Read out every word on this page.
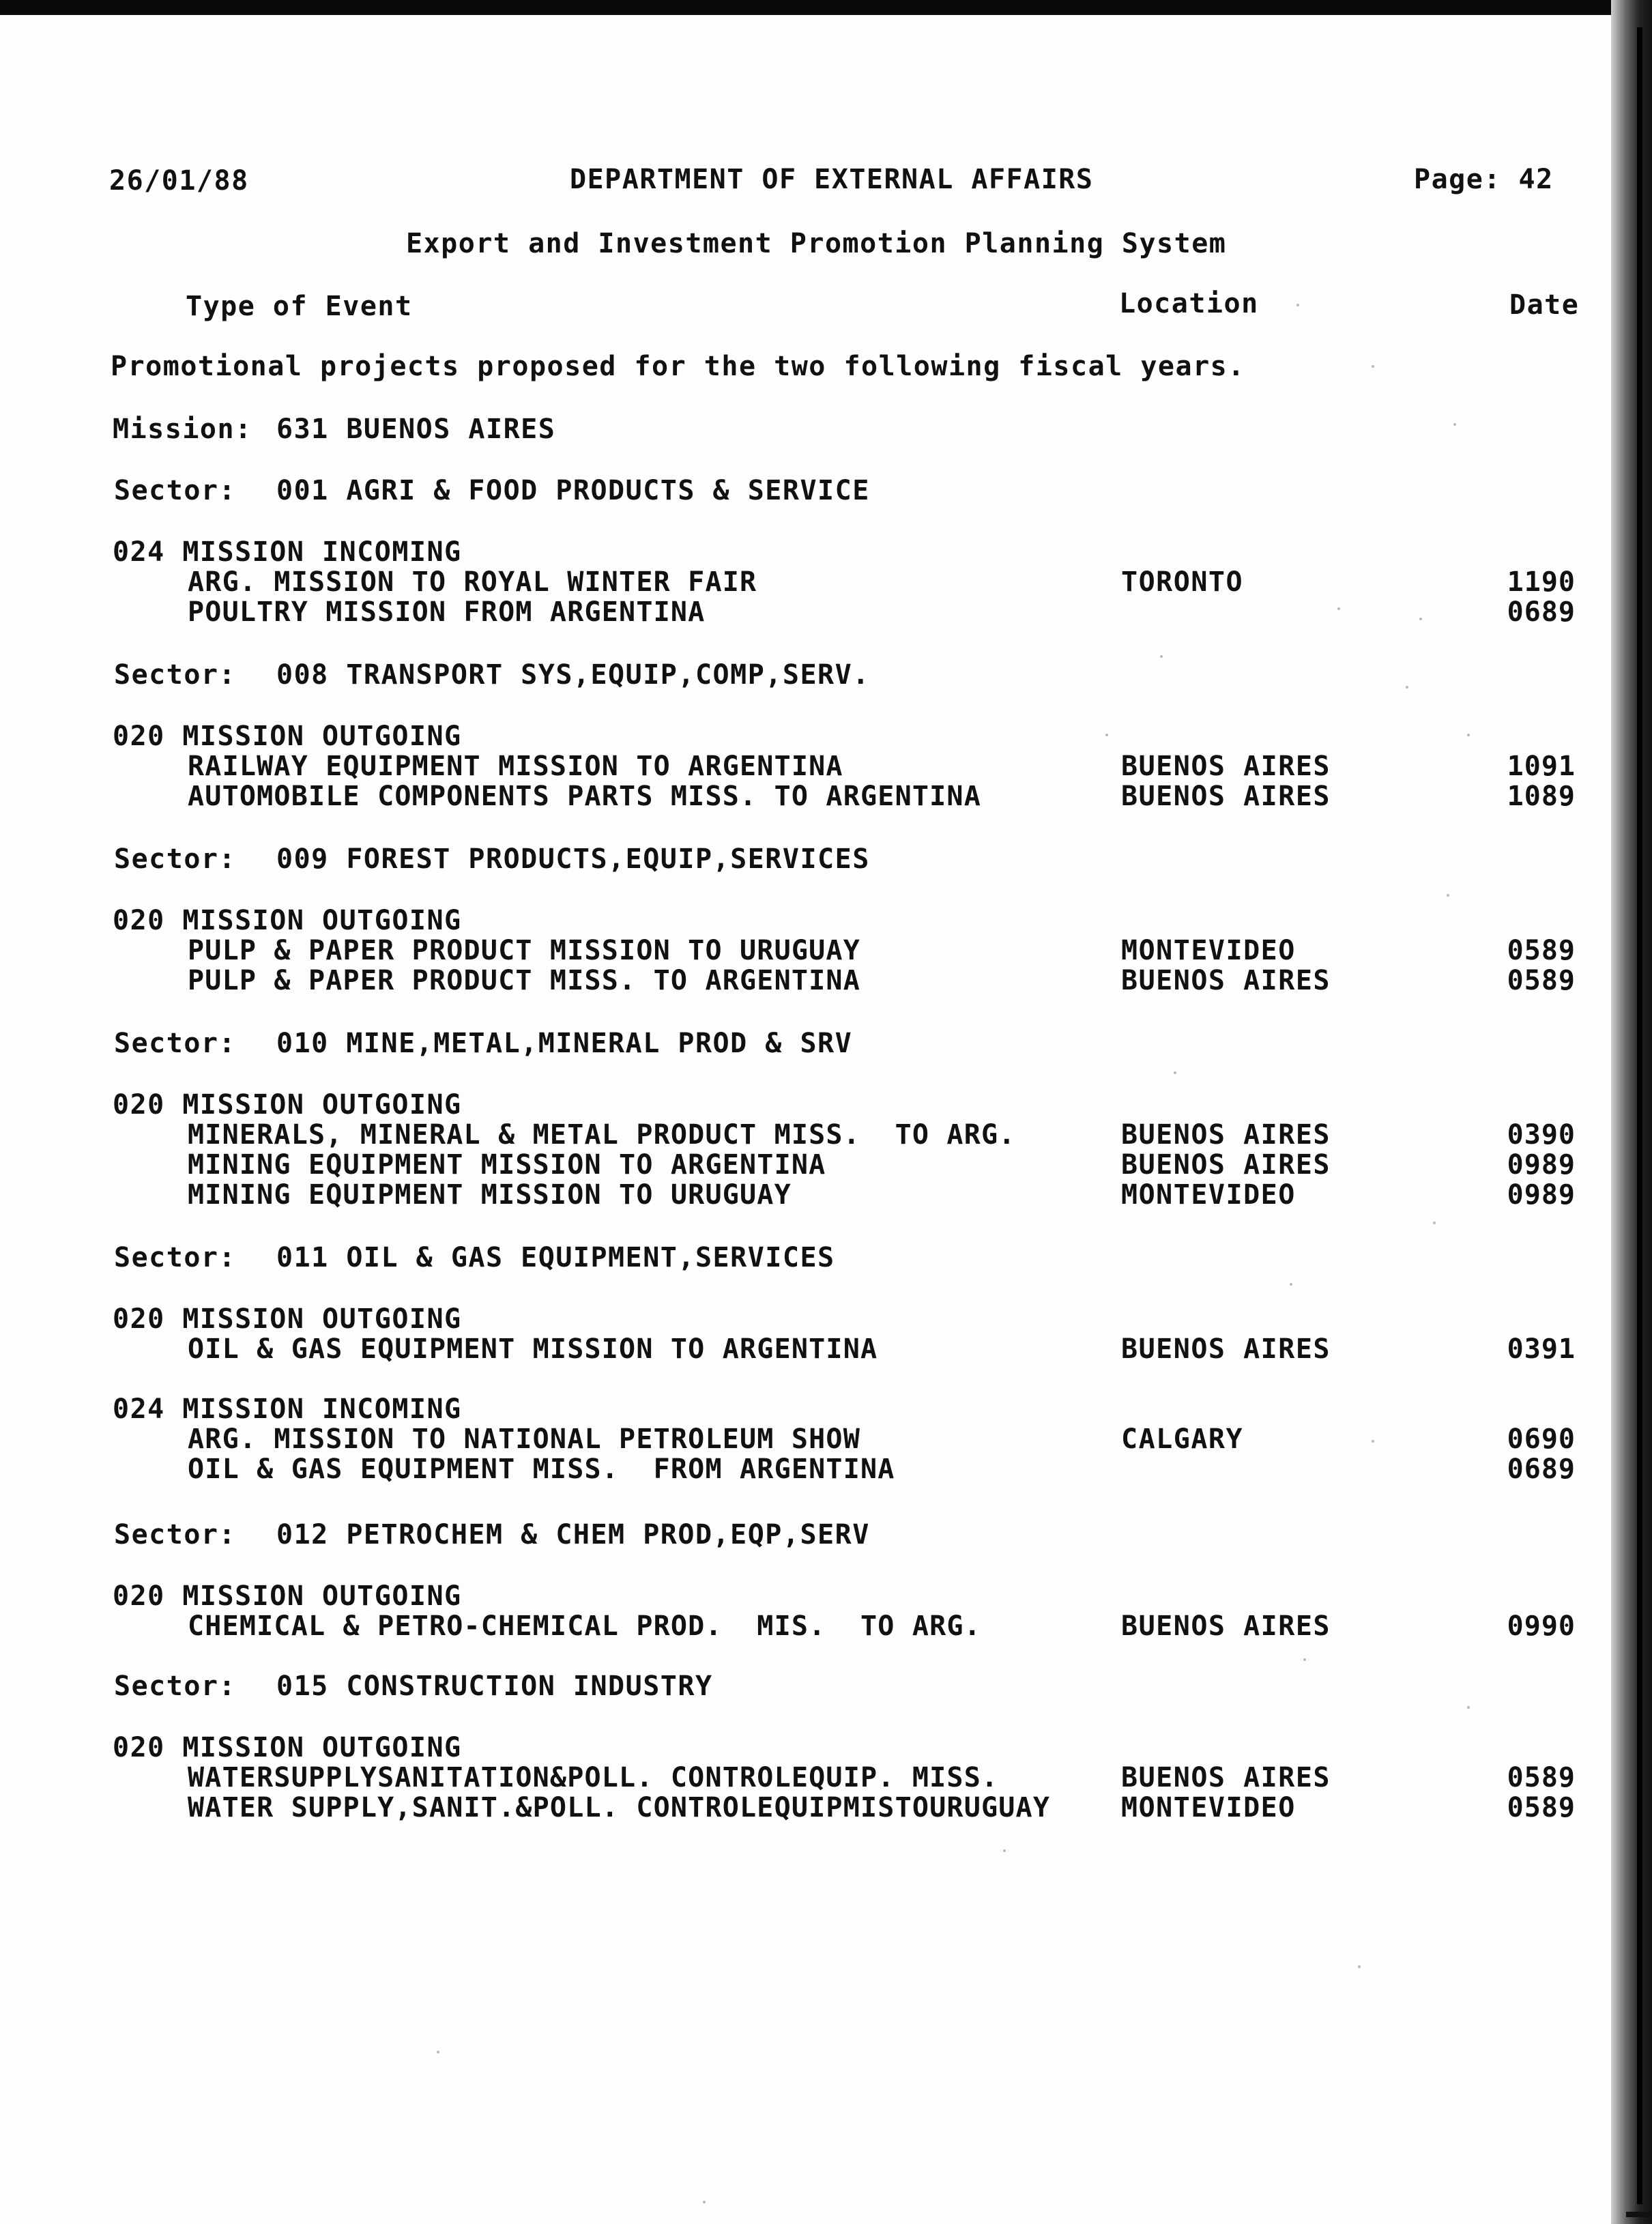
26/01/88	DEPARTMENT OF EXTERNAL AFFAIRS	Page: 42
Export and Investment Promotion Planning System
Type of Event	Location	Date
Promotional projects proposed for the two following fiscal years.
Mission: 631 BUENOS AIRES
Sector: 001 AGRI & FOOD PRODUCTS & SERVICE
024 MISSION INCOMING
ARG. MISSION TO ROYAL WINTER FAIR	TORONTO	1190
POULTRY MISSION FROM ARGENTINA	0689
Sector: 008 TRANSPORT SYS,EQUIP,COMP,SERV.
020 MISSION OUTGOING
RAILWAY EQUIPMENT MISSION TO ARGENTINA	BUENOS AIRES	1091
AUTOMOBILE COMPONENTS PARTS MISS. TO ARGENTINA	BUENOS AIRES	1089
Sector: 009 FOREST PRODUCTS,EQUIP,SERVICES
020 MISSION OUTGOING
PULP & PAPER PRODUCT MISSION TO URUGUAY	MONTEVIDEO	0589
PULP & PAPER PRODUCT MISS. TO ARGENTINA	BUENOS AIRES	0589
Sector: 010 MINE,METAL,MINERAL PROD & SRV
020 MISSION OUTGOING
MINERALS, MINERAL & METAL PRODUCT MISS.  TO ARG.	BUENOS AIRES	0390
MINING EQUIPMENT MISSION TO ARGENTINA	BUENOS AIRES	0989
MINING EQUIPMENT MISSION TO URUGUAY	MONTEVIDEO	0989
Sector: 011 OIL & GAS EQUIPMENT,SERVICES
020 MISSION OUTGOING
OIL & GAS EQUIPMENT MISSION TO ARGENTINA	BUENOS AIRES	0391
024 MISSION INCOMING
ARG. MISSION TO NATIONAL PETROLEUM SHOW	CALGARY	0690
OIL & GAS EQUIPMENT MISS.  FROM ARGENTINA	0689
Sector: 012 PETROCHEM & CHEM PROD,EQP,SERV
020 MISSION OUTGOING
CHEMICAL & PETRO-CHEMICAL PROD.  MIS.  TO ARG.	BUENOS AIRES	0990
Sector: 015 CONSTRUCTION INDUSTRY
020 MISSION OUTGOING
WATERSUPPLYSANITATION&POLL. CONTROLEQUIP. MISS.	BUENOS AIRES	0589
WATER SUPPLY,SANIT.&POLL. CONTROLEQUIPMISTOURUGUAY	MONTEVIDEO	0589
